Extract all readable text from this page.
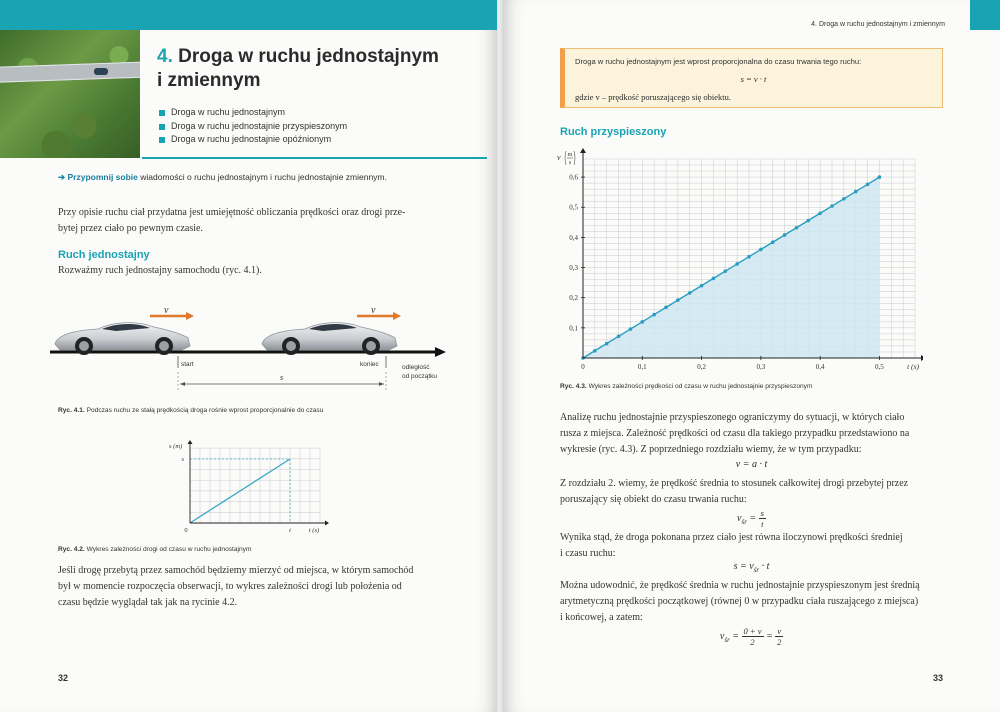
4. Droga w ruchu jednostajnym
i zmiennym
Droga w ruchu jednostajnym
Droga w ruchu jednostajnie przyspieszonym
Droga w ruchu jednostajnie opóźnionym
➔ Przypomnij sobie wiadomości o ruchu jednostajnym i ruchu jednostajnie zmiennym.
Przy opisie ruchu ciał przydatna jest umiejętność obliczania prędkości oraz drogi prze-
bytej przez ciało po pewnym czasie.
Ruch jednostajny
Rozważmy ruch jednostajny samochodu (ryc. 4.1).
v	v
start	koniec	odległość
od początku
s
Ryc. 4.1. Podczas ruchu ze stałą prędkością droga rośnie wprost proporcjonalnie do czasu
s (m)
s
t	t (s)
0
Ryc. 4.2. Wykres zależności drogi od czasu w ruchu jednostajnym
Jeśli drogę przebytą przez samochód będziemy mierzyć od miejsca, w którym samochód
był w momencie rozpoczęcia obserwacji, to wykres zależności drogi lub położenia od
czasu będzie wyglądał tak jak na rycinie 4.2.
32
4. Droga w ruchu jednostajnym i zmiennym
Droga w ruchu jednostajnym jest wprost proporcjonalna do czasu trwania tego ruchu:
s = v · t
gdzie v – prędkość poruszającego się obiektu.
Ruch przyspieszony
0,1	0,2	0,3	0,4	0,5
0,1
0,2
0,3
0,4
0,5
0,6
0	t (s)
v m
s
Ryc. 4.3. Wykres zależności prędkości od czasu w ruchu jednostajnie przyspieszonym
Analizę ruchu jednostajnie przyspieszonego ograniczymy do sytuacji, w których ciało
rusza z miejsca. Zależność prędkości od czasu dla takiego przypadku przedstawiono na
wykresie (ryc. 4.3). Z poprzedniego rozdziału wiemy, że w tym przypadku:
v = a · t
Z rozdziału 2. wiemy, że prędkość średnia to stosunek całkowitej drogi przebytej przez
poruszający się obiekt do czasu trwania ruchu:
$v_{śr} = \frac{s}{t}$
Wynika stąd, że droga pokonana przez ciało jest równa iloczynowi prędkości średniej
i czasu ruchu:
$s = v_{śr} \cdot t$
Można udowodnić, że prędkość średnia w ruchu jednostajnie przyspieszonym jest średnią
arytmetyczną prędkości początkowej (równej 0 w przypadku ciała ruszającego z miejsca)
i końcowej, a zatem:
$v_{śr} = \frac{0 + v}{2} = \frac{v}{2}$
33
